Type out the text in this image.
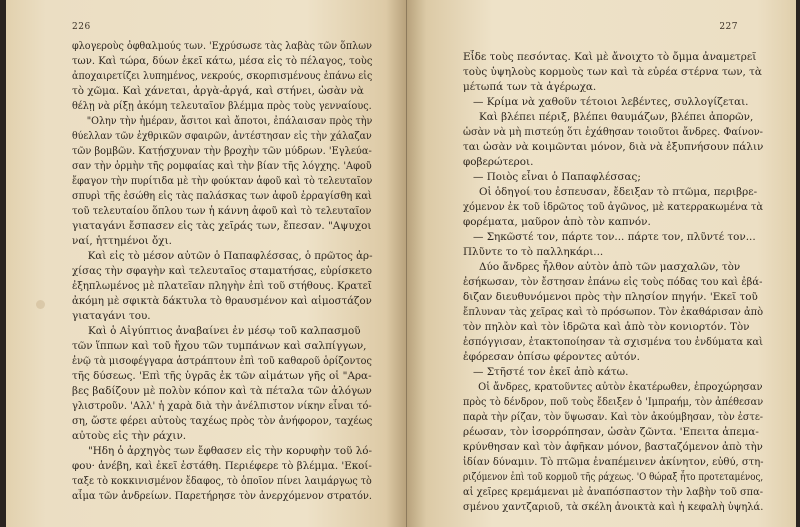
226
φλογεροὺς ὀφθαλμούς των. 'Εχρύσωσε τὰς λαβὰς τῶν ὅπλων
των. Καὶ τώρα, δύων ἐκεῖ κάτω, μέσα εἰς τὸ πέλαγος, τοὺς
ἀποχαιρετίζει λυπημένος, νεκρούς, σκορπισμένους ἐπάνω εἰς
τὸ χῶμα. Καὶ χάνεται, ἀργὰ-ἀργά, καὶ στήνει, ὡσὰν νὰ
θέλῃ νὰ ρίξῃ ἀκόμη τελευταῖον βλέμμα πρὸς τοὺς γενναίους.
"Ολην τὴν ἡμέραν, ἄσιτοι καὶ ἄποτοι, ἐπάλαισαν πρὸς τὴν
θύελλαν τῶν ἐχθρικῶν σφαιρῶν, ἀντέστησαν εἰς τὴν χάλαζαν
τῶν βομβῶν. Κατῄσχυναν τὴν βροχὴν τῶν μύδρων. 'Εγλεύα-
σαν τὴν ὁρμὴν τῆς ρομφαίας καὶ τὴν βίαν τῆς λόγχης. 'Αφοῦ
ἔφαγον τὴν πυρίτιδα μὲ τὴν φούκταν ἀφοῦ καὶ τὸ τελευταῖον
σπυρὶ τῆς ἐσώθη εἰς τὰς παλάσκας των ἀφοῦ ἐρραγίσθη καὶ
τοῦ τελευταίου ὅπλου των ἡ κάννη ἀφοῦ καὶ τὸ τελευταῖον
γιαταγάνι ἔσπασεν εἰς τὰς χεῖράς των, ἔπεσαν. "Αψυχοι
ναί, ἡττημένοι ὄχι.
Καὶ εἰς τὸ μέσον αὐτῶν ὁ Παπαφλέσσας, ὁ πρῶτος ἀρ-
χίσας τὴν σφαγὴν καὶ τελευταῖος σταματήσας, εὑρίσκετο
ἐξηπλωμένος μὲ πλατεῖαν πληγὴν ἐπὶ τοῦ στήθους. Κρατεῖ
ἀκόμη μὲ σφικτὰ δάκτυλα τὸ θραυσμένον καὶ αἱμοστάζον
γιαταγάνι του.
Καὶ ὁ Αἰγύπτιος ἀναβαίνει ἐν μέσῳ τοῦ καλπασμοῦ
τῶν ἵππων καὶ τοῦ ἤχου τῶν τυμπάνων καὶ σαλπίγγων,
ἐνῷ τὰ μισοφέγγαρα ἀστράπτουν ἐπὶ τοῦ καθαροῦ ὁρίζοντος
τῆς δύσεως. 'Επὶ τῆς ὑγρᾶς ἐκ τῶν αἱμάτων γῆς οἱ "Αρα-
βες βαδίζουν μὲ πολὺν κόπον καὶ τὰ πέταλα τῶν ἀλόγων
γλιστροῦν. 'Αλλ' ἡ χαρὰ διὰ τὴν ἀνέλπιστον νίκην εἶναι τό-
ση, ὥστε φέρει αὐτοὺς ταχέως πρὸς τὸν ἀνήφορον, ταχέως
αὐτοὺς εἰς τὴν ράχιν.
"Ηδη ὁ ἀρχηγὸς των ἔφθασεν εἰς τὴν κορυφὴν τοῦ λό-
φου· ἀνέβη, καὶ ἐκεῖ ἐστάθη. Περιέφερε τὸ βλέμμα. 'Εκοί-
ταξε τὸ κοκκινισμένον ἔδαφος, τὸ ὁποῖον πίνει λαιμάργως τὸ
αἷμα τῶν ἀνδρείων. Παρετήρησε τὸν ἀνερχόμενον στρατόν.
227
Εἶδε τοὺς πεσόντας. Καὶ μὲ ἄνοιχτο τὸ ὄμμα ἀναμετρεῖ
τοὺς ὑψηλοὺς κορμοὺς των καὶ τὰ εὐρέα στέρνα των, τὰ
μέτωπά των τὰ ἀγέρωχα.
— Κρίμα νὰ χαθοῦν τέτοιοι λεβέντες, συλλογίζεται.
Καὶ βλέπει πέριξ, βλέπει θαυμάζων, βλέπει ἀπορῶν,
ὡσὰν νὰ μὴ πιστεύῃ ὅτι ἐχάθησαν τοιοῦτοι ἄνδρες. Φαίνον-
ται ὡσὰν νὰ κοιμῶνται μόνον, διὰ νὰ ἐξυπνήσουν πάλιν
φοβερώτεροι.
— Ποιὸς εἶναι ὁ Παπαφλέσσας;
Οἱ ὁδηγοί του ἐσπευσαν, ἔδειξαν τὸ πτῶμα, περιβρε-
χόμενον ἐκ τοῦ ἱδρῶτος τοῦ ἀγῶνος, μὲ κατερρακωμένα τὰ
φορέματα, μαῦρον ἀπὸ τὸν καπνόν.
— Σηκῶστέ τον, πάρτε τον... πάρτε τον, πλῦντέ τον...
Πλῦντε το τὸ παλληκάρι...
Δύο ἄνδρες ἦλθον αὐτὸν ἀπὸ τῶν μασχαλῶν, τὸν
ἐσήκωσαν, τὸν ἔστησαν ἐπάνω εἰς τοὺς πόδας του καὶ ἐβά-
διζαν διευθυνόμενοι πρὸς τὴν πλησίον πηγήν. 'Εκεῖ τοῦ
ἔπλυναν τὰς χεῖρας καὶ τὸ πρόσωπον. Τὸν ἐκαθάρισαν ἀπὸ
τὸν πηλὸν καὶ τὸν ἱδρῶτα καὶ ἀπὸ τὸν κονιορτόν. Τὸν
ἐσπόγγισαν, ἐτακτοποίησαν τὰ σχισμένα του ἐνδύματα καὶ
ἐφόρεσαν ὀπίσω φέροντες αὐτόν.
— Στῆστέ τον ἐκεῖ ἀπὸ κάτω.
Οἱ ἄνδρες, κρατοῦντες αὐτὸν ἑκατέρωθεν, ἐπροχώρησαν
πρὸς τὸ δένδρον, ποῦ τοὺς ἔδειξεν ὁ 'Ιμπραήμ, τὸν ἀπέθεσαν
παρὰ τὴν ρίζαν, τὸν ὕψωσαν. Καὶ τὸν ἀκούμβησαν, τὸν ἐστε-
ρέωσαν, τὸν ἰσορρόπησαν, ὡσὰν ζῶντα. 'Επειτα ἀπεμα-
κρύνθησαν καὶ τὸν ἀφῆκαν μόνον, βασταζόμενον ἀπὸ τὴν
ἰδίαν δύναμιν. Τὸ πτῶμα ἐναπέμεινεν ἀκίνητον, εὐθύ, στη-
ριζόμενον ἐπὶ τοῦ κορμοῦ τῆς ράχεως. 'Ο θώραξ ἦτο προτεταμένος,
αἱ χεῖρες κρεμάμεναι μὲ ἀναπόσπαστον τὴν λαβὴν τοῦ σπα-
σμένου χαντζαριοῦ, τὰ σκέλη ἀνοικτὰ καὶ ἡ κεφαλὴ ὑψηλά.
